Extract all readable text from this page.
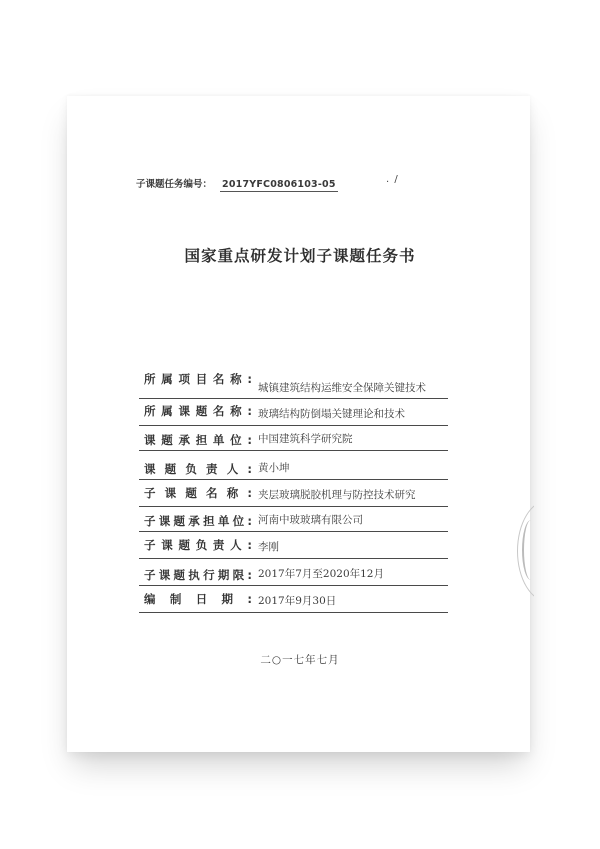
子课题任务编号： 2017YFC0806103-05	. /
国家重点研发计划子课题任务书
所属项目名称:
城镇建筑结构运维安全保障关键技术
所属课题名称: 玻璃结构防倒塌关键理论和技术
课题承担单位: 中国建筑科学研究院
课题负责人: 黄小坤
子课题名称: 夹层玻璃脱胶机理与防控技术研究
子课题承担单位: 河南中玻玻璃有限公司
子课题负责人: 李刚
子课题执行期限: 2017年7月至2020年12月
编制日期: 2017年9月30日
二○一七年七月
